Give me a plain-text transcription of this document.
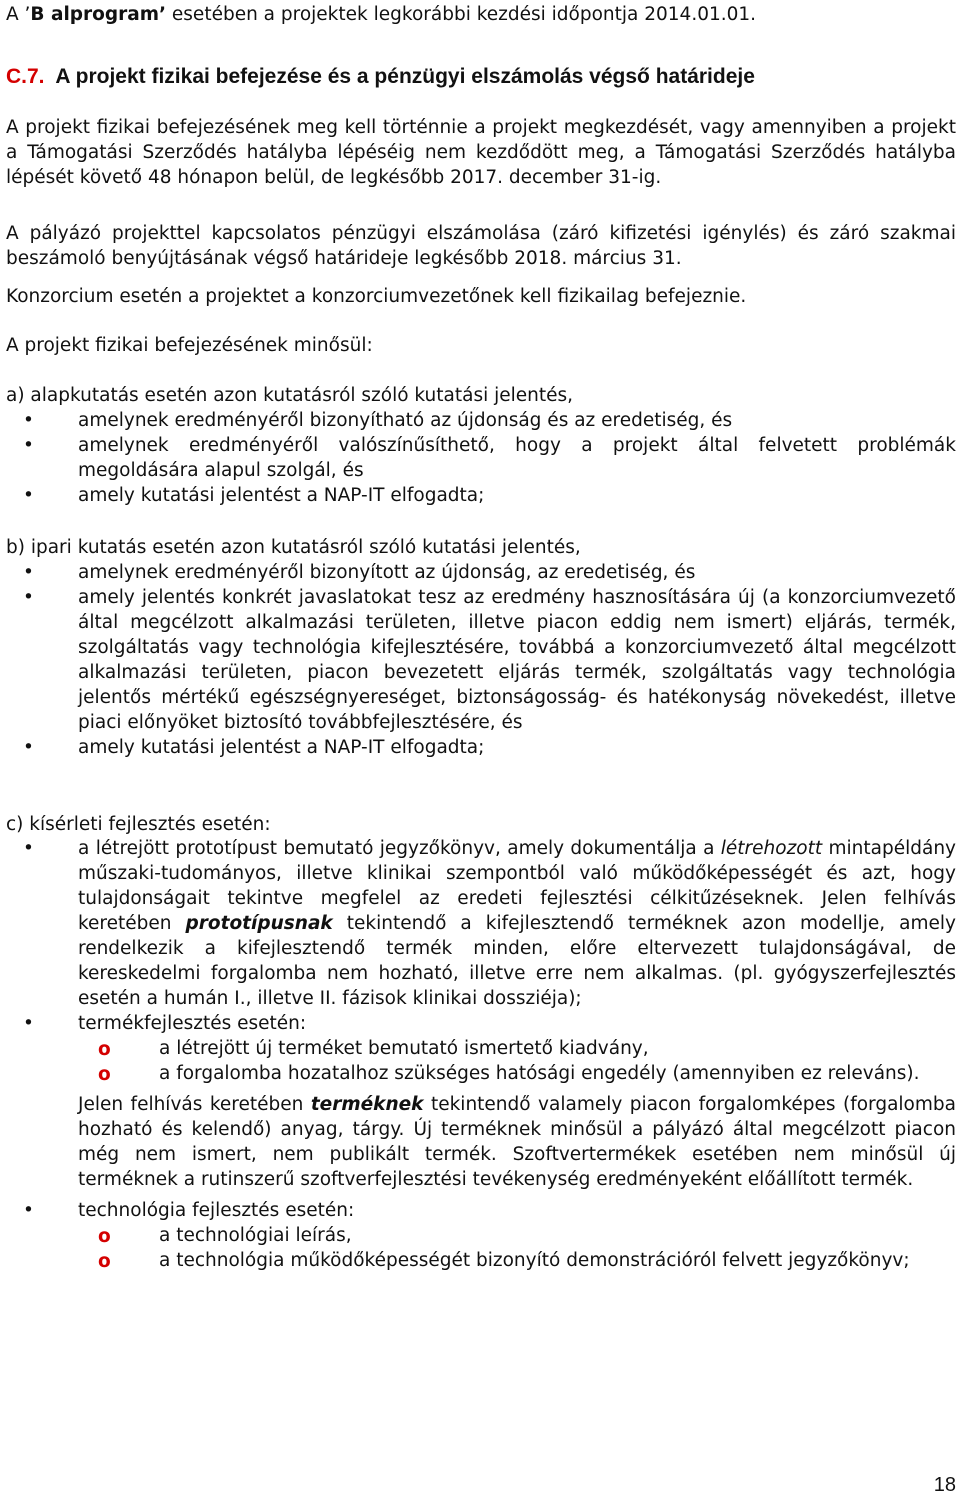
A ’B alprogram’ esetében a projektek legkorábbi kezdési időpontja 2014.01.01.

C.7. A projekt fizikai befejezése és a pénzügyi elszámolás végső határideje

A projekt fizikai befejezésének meg kell történnie a projekt megkezdését, vagy amennyiben a projekt a Támogatási Szerződés hatályba lépéséig nem kezdődött meg, a Támogatási Szerződés hatályba lépését követő 48 hónapon belül, de legkésőbb 2017. december 31-ig.

A pályázó projekttel kapcsolatos pénzügyi elszámolása (záró kifizetési igénylés) és záró szakmai beszámoló benyújtásának végső határideje legkésőbb 2018. március 31.

Konzorcium esetén a projektet a konzorciumvezetőnek kell fizikailag befejeznie.

A projekt fizikai befejezésének minősül:

a) alapkutatás esetén azon kutatásról szóló kutatási jelentés,

• amelynek eredményéről bizonyítható az újdonság és az eredetiség, és
• amelynek eredményéről valószínűsíthető, hogy a projekt által felvetett problémák megoldására alapul szolgál, és
• amely kutatási jelentést a NAP-IT elfogadta;

b) ipari kutatás esetén azon kutatásról szóló kutatási jelentés,

• amelynek eredményéről bizonyított az újdonság, az eredetiség, és
• amely jelentés konkrét javaslatokat tesz az eredmény hasznosítására új (a konzorciumvezető által megcélzott alkalmazási területen, illetve piacon eddig nem ismert) eljárás, termék, szolgáltatás vagy technológia kifejlesztésére, továbbá a konzorciumvezető által megcélzott alkalmazási területen, piacon bevezetett eljárás termék, szolgáltatás vagy technológia jelentős mértékű egészségnyereséget, biztonságosság- és hatékonyság növekedést, illetve piaci előnyöket biztosító továbbfejlesztésére, és
• amely kutatási jelentést a NAP-IT elfogadta;

c) kísérleti fejlesztés esetén:

• a létrejött prototípust bemutató jegyzőkönyv, amely dokumentálja a létrehozott mintapéldány műszaki-tudományos, illetve klinikai szempontból való működőképességét és azt, hogy tulajdonságait tekintve megfelel az eredeti fejlesztési célkitűzéseknek. Jelen felhívás keretében prototípusnak tekintendő a kifejlesztendő terméknek azon modellje, amely rendelkezik a kifejlesztendő termék minden, előre eltervezett tulajdonságával, de kereskedelmi forgalomba nem hozható, illetve erre nem alkalmas. (pl. gyógyszerfejlesztés esetén a humán I., illetve II. fázisok klinikai dossziéja);
• termékfejlesztés esetén:
o	a létrejött új terméket bemutató ismertető kiadvány,
o	a forgalomba hozatalhoz szükséges hatósági engedély (amennyiben ez releváns).
Jelen felhívás keretében terméknek tekintendő valamely piacon forgalomképes (forgalomba hozható és kelendő) anyag, tárgy. Új terméknek minősül a pályázó által megcélzott piacon még nem ismert, nem publikált termék. Szoftvertermékek esetében nem minősül új terméknek a rutinszerű szoftverfejlesztési tevékenység eredményeként előállított termék.
• technológia fejlesztés esetén:
o	a technológiai leírás,
o	a technológia működőképességét bizonyító demonstrációról felvett jegyzőkönyv;
18
